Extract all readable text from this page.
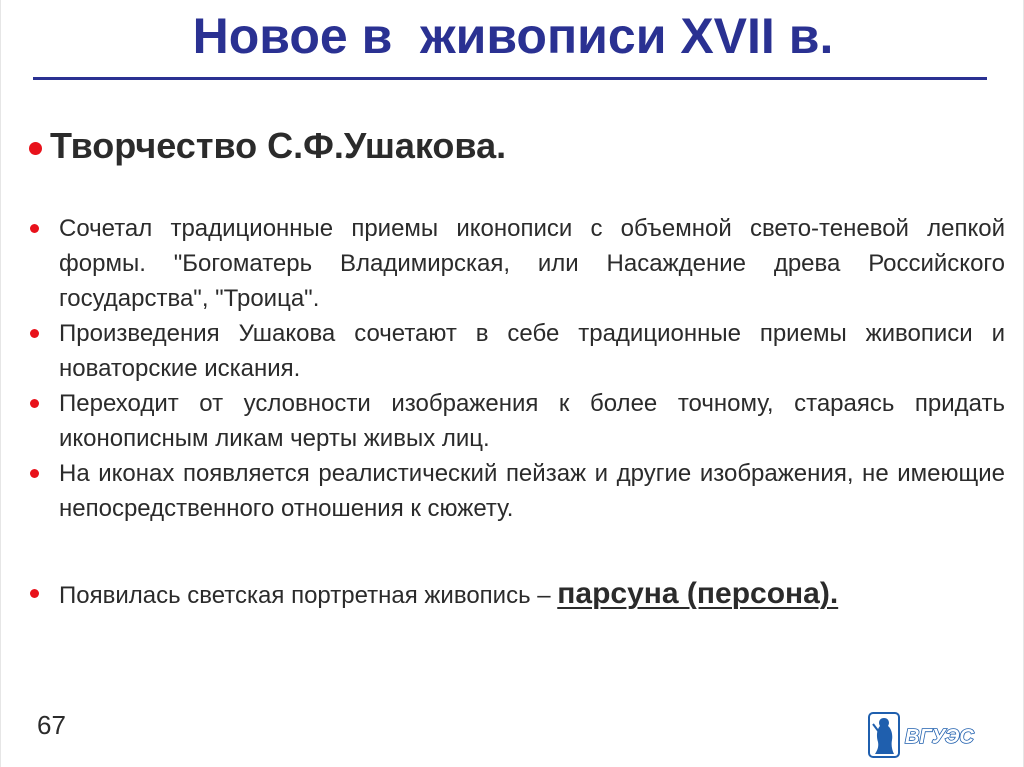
Новое в  живописи XVII в.
Творчество С.Ф.Ушакова.
Сочетал традиционные приемы иконописи с объемной свето-теневой лепкой формы. "Богоматерь Владимирская, или Насаждение древа Российского государства", "Троица".
Произведения Ушакова сочетают в себе традиционные приемы живописи и новаторские искания.
Переходит от условности изображения к более точному, стараясь придать иконописным ликам черты живых лиц.
На иконах появляется реалистический пейзаж и другие изображения, не имеющие непосредственного отношения к сюжету.
Появилась светская портретная живопись – парсуна (персона).
67	ВГУЭС
